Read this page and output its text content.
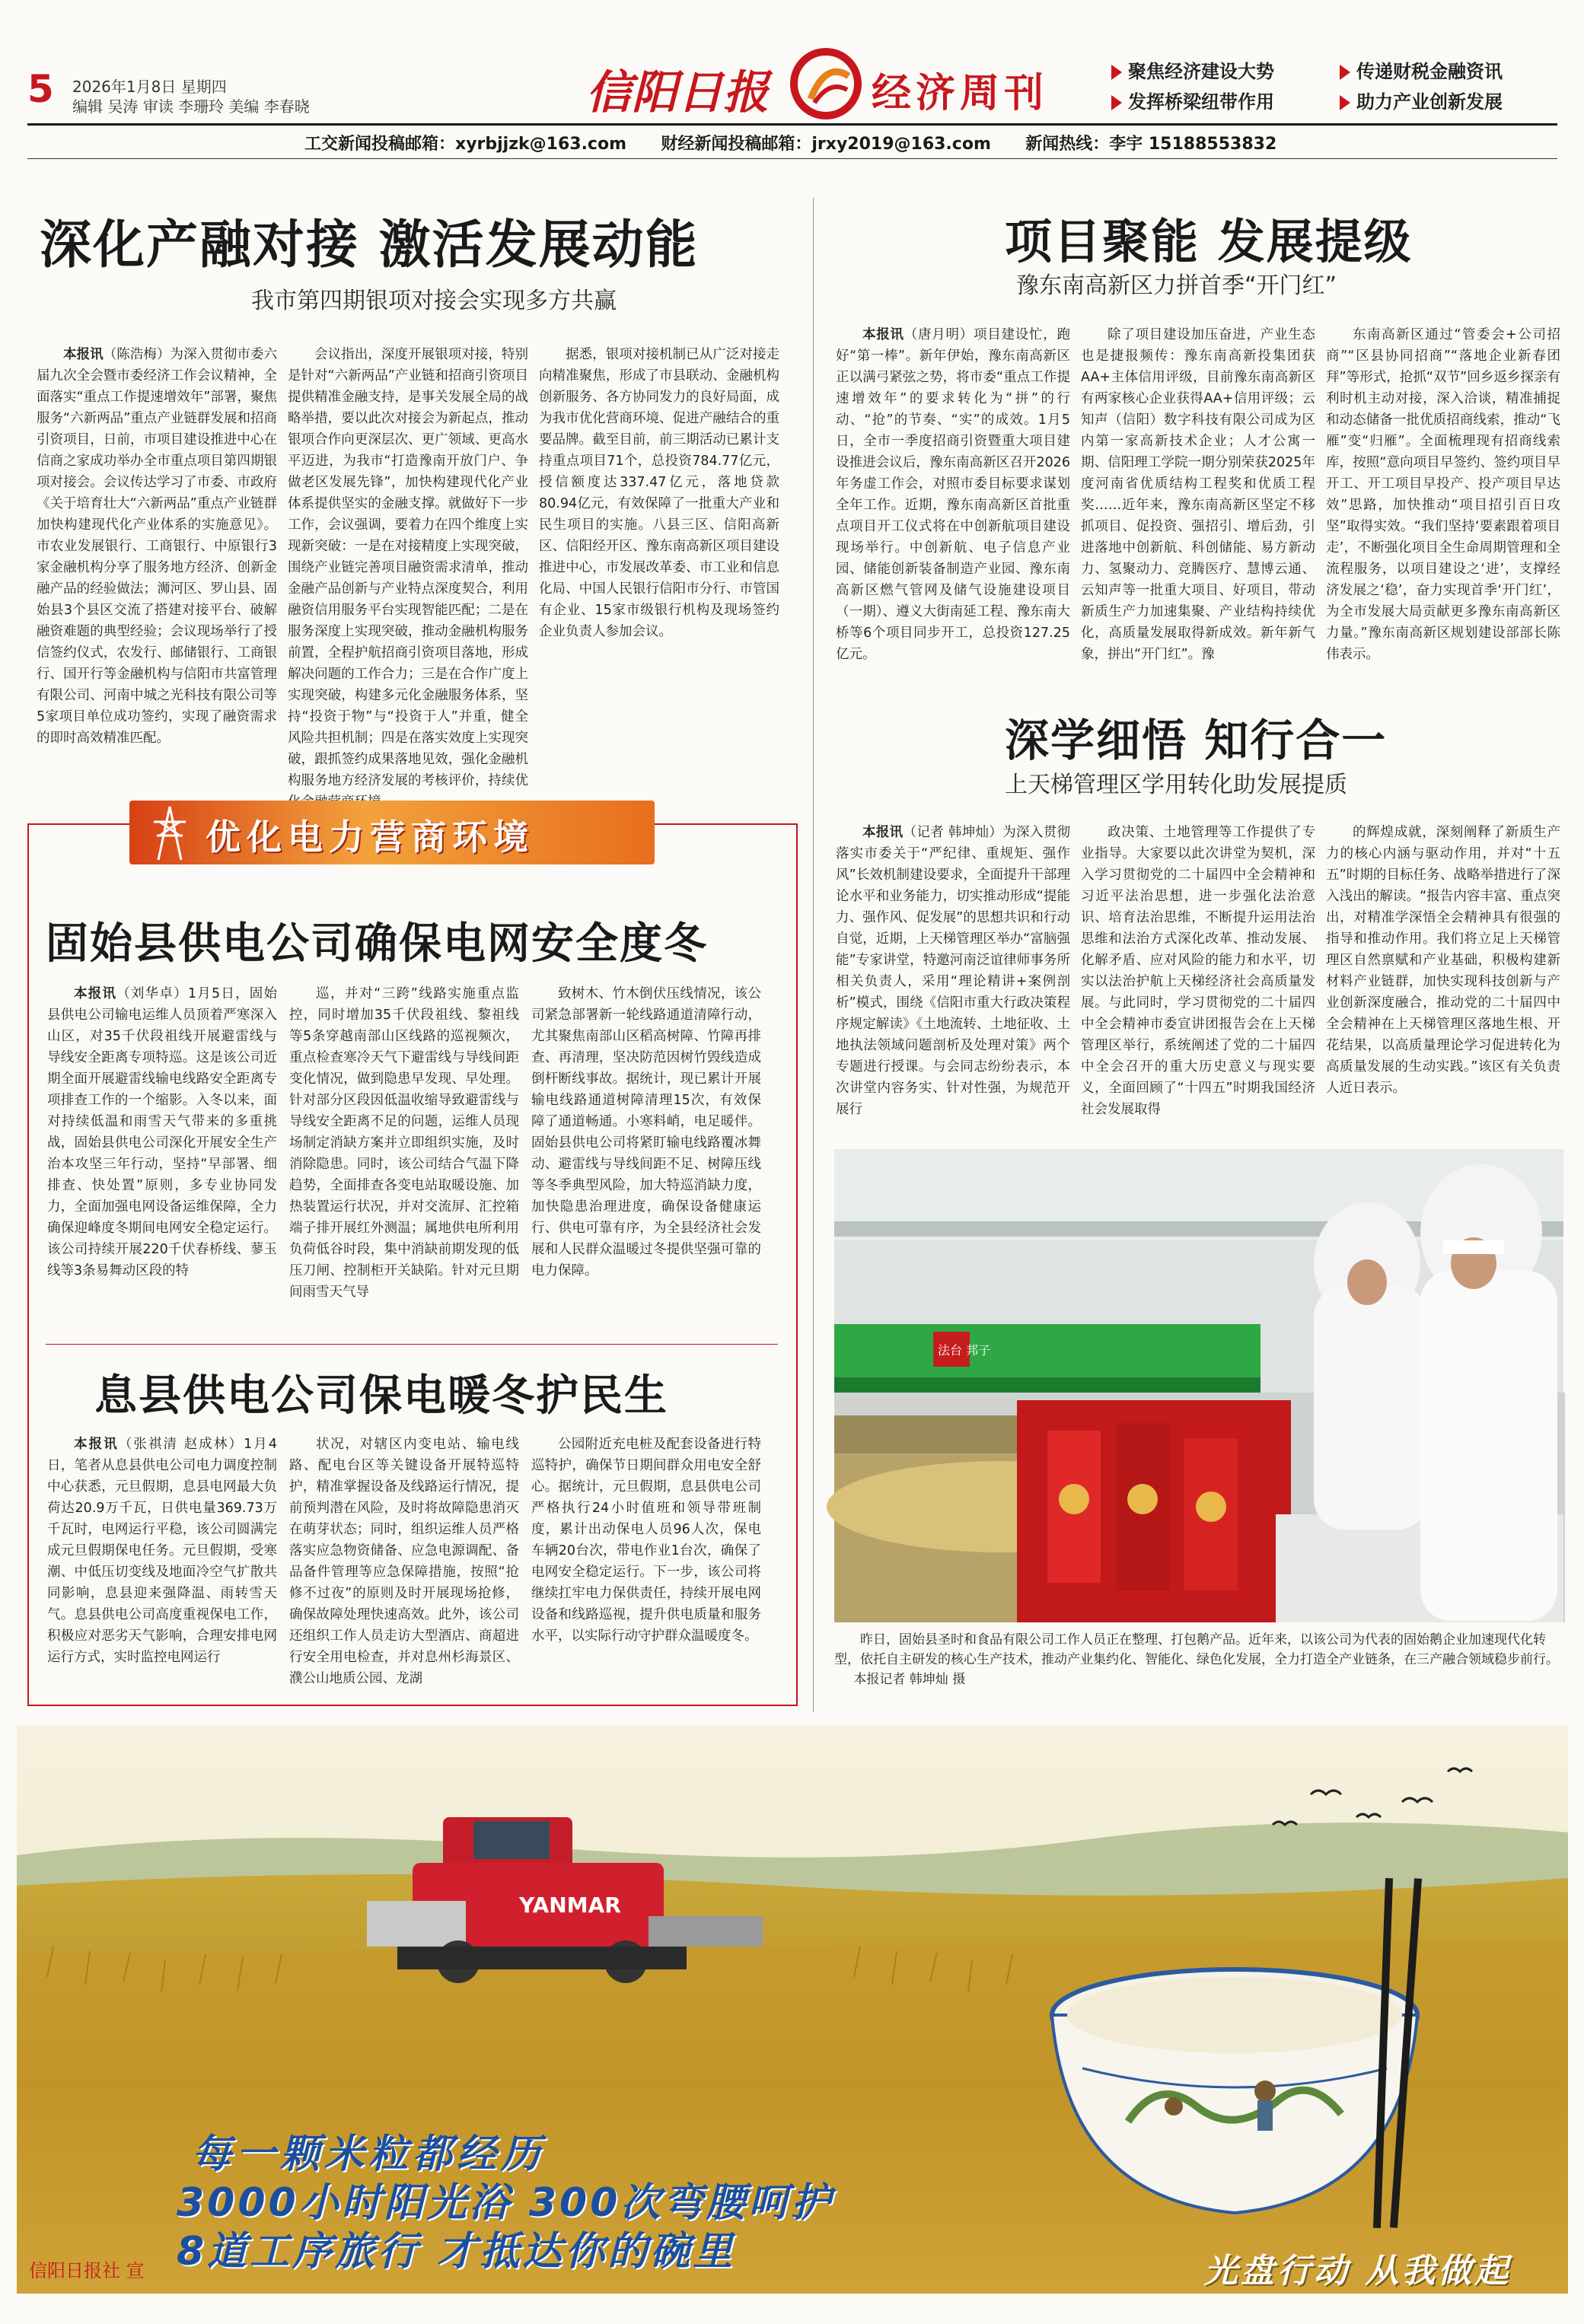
5 2026年1月8日 星期四
编辑 吴涛 审读 李珊玲 美编 李春晓	信阳日报	经济周刊	聚焦经济建设大势	传递财税金融资讯
发挥桥梁纽带作用	助力产业创新发展
工交新闻投稿邮箱：xyrbjjzk@163.com 财经新闻投稿邮箱：jrxy2019@163.com 新闻热线：李宇 15188553832
深化产融对接 激活发展动能
我市第四期银项对接会实现多方共赢
本报讯（陈浩梅）为深入贯彻市委六届九次全会暨市委经济工作会议精神，全面落实“重点工作提速增效年”部署，聚焦服务“六新两品”重点产业链群发展和招商引资项目，日前，市项目建设推进中心在信商之家成功举办全市重点项目第四期银项对接会。会议传达学习了市委、市政府《关于培育壮大“六新两品”重点产业链群加快构建现代化产业体系的实施意见》。市农业发展银行、工商银行、中原银行3家金融机构分享了服务地方经济、创新金融产品的经验做法；浉河区、罗山县、固始县3个县区交流了搭建对接平台、破解融资难题的典型经验；会议现场举行了授信签约仪式，农发行、邮储银行、工商银行、国开行等金融机构与信阳市共富管理有限公司、河南中城之光科技有限公司等5家项目单位成功签约，实现了融资需求的即时高效精准匹配。
会议指出，深度开展银项对接，特别是针对“六新两品”产业链和招商引资项目提供精准金融支持，是事关发展全局的战略举措，要以此次对接会为新起点，推动银项合作向更深层次、更广领域、更高水平迈进，为我市“打造豫南开放门户、争做老区发展先锋”，加快构建现代化产业体系提供坚实的金融支撑。就做好下一步工作，会议强调，要着力在四个维度上实现新突破：一是在对接精度上实现突破，围绕产业链完善项目融资需求清单，推动金融产品创新与产业特点深度契合，利用融资信用服务平台实现智能匹配；二是在服务深度上实现突破，推动金融机构服务前置，全程护航招商引资项目落地，形成解决问题的工作合力；三是在合作广度上实现突破，构建多元化金融服务体系，坚持“投资于物”与“投资于人”并重，健全风险共担机制；四是在落实效度上实现突破，跟抓签约成果落地见效，强化金融机构服务地方经济发展的考核评价，持续优
据悉，银项对接机制已从广泛对接走向精准聚焦，形成了市县联动、金融机构创新服务、各方协同发力的良好局面，成为我市优化营商环境、促进产融结合的重要品牌。截至目前，前三期活动已累计支持重点项目71个，总投资784.77亿元，授信额度达337.47亿元，落地贷款80.94亿元，有效保障了一批重大产业和民生项目的实施。八县三区、信阳高新区、信阳经开区、豫东南高新区项目建设推进中心，市发展改革委、市工业和信息化局、中国人民银行信阳市分行、市管国有企业、15家市级银行机构及现场签约企业负责人参加会议。
项目聚能 发展提级
豫东南高新区力拼首季“开门红”
本报讯（唐月明）项目建设忙，跑好“第一棒”。新年伊始，豫东南高新区正以满弓紧弦之势，将市委“重点工作提速增效年”的要求转化为“拼”的行动、“抢”的节奏、“实”的成效。1月5日，全市一季度招商引资暨重大项目建设推进会议后，豫东南高新区召开2026年务虚工作会，对照市委目标要求谋划全年工作。近期，豫东南高新区首批重点项目开工仪式将在中创新航项目建设现场举行。中创新航、电子信息产业园、储能创新装备制造产业园、豫东南高新区燃气管网及储气设施建设项目（一期）、遵义大街南延工程、豫东南大桥等6个项目同步开工，总投资127.25亿元。
除了项目建设加压奋进，产业生态也是捷报频传：豫东南高新投集团获AA+主体信用评级，目前豫东南高新区有两家核心企业获得AA+信用评级；云知声（信阳）数字科技有限公司成为区内第一家高新技术企业；人才公寓一期、信阳理工学院一期分别荣获2025年度河南省优质结构工程奖和优质工程奖……近年来，豫东南高新区坚定不移抓项目、促投资、强招引、增后劲，引进落地中创新航、科创储能、易方新动力、氢聚动力、竞腾医疗、慧博云通、云知声等一批重大项目、好项目，带动新质生产力加速集聚、产业结构持续优化，高质量发展取得新成效。新年新气象，拼出“开门红”。豫
东南高新区通过“管委会+公司招商”“区县协同招商”“落地企业新春团拜”等形式，抢抓“双节”回乡返乡探亲有利时机主动对接，深入洽谈，精准捕捉和动态储备一批优质招商线索，推动“飞雁”变“归雁”。全面梳理现有招商线索库，按照“意向项目早签约、签约项目早开工、开工项目早投产、投产项目早达效”思路，加快推动“项目招引百日攻坚”取得实效。“我们坚持‘要素跟着项目走’，不断强化项目全生命周期管理和全流程服务，以项目建设之‘进’，支撑经济发展之‘稳’，奋力实现首季‘开门红’，为全市发展大局贡献更多豫东南高新区力量。”豫东南高新区规划建设部部长陈伟表示。
深学细悟 知行合一
上天梯管理区学用转化助发展提质
本报讯（记者 韩坤灿）为深入贯彻落实市委关于“严纪律、重规矩、强作风”长效机制建设要求，全面提升干部理论水平和业务能力，切实推动形成“提能力、强作风、促发展”的思想共识和行动自觉，近期，上天梯管理区举办“富脑强能”专家讲堂，特邀河南泛谊律师事务所相关负责人，采用“理论精讲+案例剖析”模式，围绕《信阳市重大行政决策程序规定解读》《土地流转、土地征收、土地执法领域问题剖析及处理对策》两个专题进行授课。与会同志纷纷表示，本次讲堂内容务实、针对性强，为规范开展行
政决策、土地管理等工作提供了专业指导。大家要以此次讲堂为契机，深入学习贯彻党的二十届四中全会精神和习近平法治思想，进一步强化法治意识、培育法治思维，不断提升运用法治思维和法治方式深化改革、推动发展、化解矛盾、应对风险的能力和水平，切实以法治护航上天梯经济社会高质量发展。与此同时，学习贯彻党的二十届四中全会精神市委宣讲团报告会在上天梯管理区举行，系统阐述了党的二十届四中全会召开的重大历史意义与现实要义，全面回顾了“十四五”时期我国经济社会发展取得
的辉煌成就，深刻阐释了新质生产力的核心内涵与驱动作用，并对“十五五”时期的目标任务、战略举措进行了深入浅出的解读。“报告内容丰富、重点突出，对精准学深悟全会精神具有很强的指导和推动作用。我们将立足上天梯管理区自然禀赋和产业基础，积极构建新材料产业链群，加快实现科技创新与产业创新深度融合，推动党的二十届四中全会精神在上天梯管理区落地生根、开花结果，以高质量理论学习促进转化为高质量发展的生动实践。”该区有关负责人近日表示。
法台 邦子
昨日，固始县圣时和食品有限公司工作人员正在整理、打包鹅产品。近年来，以该公司为代表的固始鹅企业加速现代化转型，依托自主研发的核心生产技术，推动产业集约化、智能化、绿色化发展，全力打造全产业链条，在三产融合领域稳步前行。  本报记者 韩坤灿 摄
优化电力营商环境
固始县供电公司确保电网安全度冬
本报讯（刘华卓）1月5日，固始县供电公司输电运维人员顶着严寒深入山区，对35千伏段祖线开展避雷线与导线安全距离专项特巡。这是该公司近期全面开展避雷线输电线路安全距离专项排查工作的一个缩影。入冬以来，面对持续低温和雨雪天气带来的多重挑战，固始县供电公司深化开展安全生产治本攻坚三年行动，坚持“早部署、细排查、快处置”原则，多专业协同发力，全面加强电网设备运维保障，全力确保迎峰度冬期间电网安全稳定运行。该公司持续开展220千伏春桥线、蓼玉线等3条易舞动区段的特
巡，并对“三跨”线路实施重点监控，同时增加35千伏段祖线、黎祖线等5条穿越南部山区线路的巡视频次，重点检查寒冷天气下避雷线与导线间距变化情况，做到隐患早发现、早处理。针对部分区段因低温收缩导致避雷线与导线安全距离不足的问题，运维人员现场制定消缺方案并立即组织实施，及时消除隐患。同时，该公司结合气温下降趋势，全面排查各变电站取暖设施、加热装置运行状况，并对交流屏、汇控箱端子排开展红外测温；属地供电所利用负荷低谷时段，集中消缺前期发现的低压刀闸、控制柜开关缺陷。针对元旦期间雨雪天气导
致树木、竹木倒伏压线情况，该公司紧急部署新一轮线路通道清障行动，尤其聚焦南部山区稻高树障、竹障再排查、再清理，坚决防范因树竹毁线造成倒杆断线事故。据统计，现已累计开展输电线路通道树障清理15次，有效保障了通道畅通。小寒料峭，电足暖伴。固始县供电公司将紧盯输电线路覆冰舞动、避雷线与导线间距不足、树障压线等冬季典型风险，加大特巡消缺力度，加快隐患治理进度，确保设备健康运行、供电可靠有序，为全县经济社会发展和人民群众温暖过冬提供坚强可靠的电力保障。
息县供电公司保电暖冬护民生
本报讯（张祺清 赵成林）1月4日，笔者从息县供电公司电力调度控制中心获悉，元旦假期，息县电网最大负荷达20.9万千瓦，日供电量369.73万千瓦时，电网运行平稳，该公司圆满完成元旦假期保电任务。元旦假期，受寒潮、中低压切变线及地面冷空气扩散共同影响，息县迎来强降温、雨转雪天气。息县供电公司高度重视保电工作，积极应对恶劣天气影响，合理安排电网运行方式，实时监控电网运行
状况，对辖区内变电站、输电线路、配电台区等关键设备开展特巡特护，精准掌握设备及线路运行情况，提前预判潜在风险，及时将故障隐患消灭在萌芽状态；同时，组织运维人员严格落实应急物资储备、应急电源调配、备品备件管理等应急保障措施，按照“抢修不过夜”的原则及时开展现场抢修，确保故障处理快速高效。此外，该公司还组织工作人员走访大型酒店、商超进行安全用电检查，并对息州杉海景区、濮公山地质公园、龙湖
公园附近充电桩及配套设备进行特巡特护，确保节日期间群众用电安全舒心。据统计，元旦假期，息县供电公司严格执行24小时值班和领导带班制度，累计出动保电人员96人次，保电车辆20台次，带电作业1台次，确保了电网安全稳定运行。下一步，该公司将继续扛牢电力保供责任，持续开展电网设备和线路巡视，提升供电质量和服务水平，以实际行动守护群众温暖度冬。
YANMAR
每一颗米粒都经历
3000小时阳光浴 300次弯腰呵护
8道工序旅行 才抵达你的碗里
信阳日报社 宣	光盘行动 从我做起
